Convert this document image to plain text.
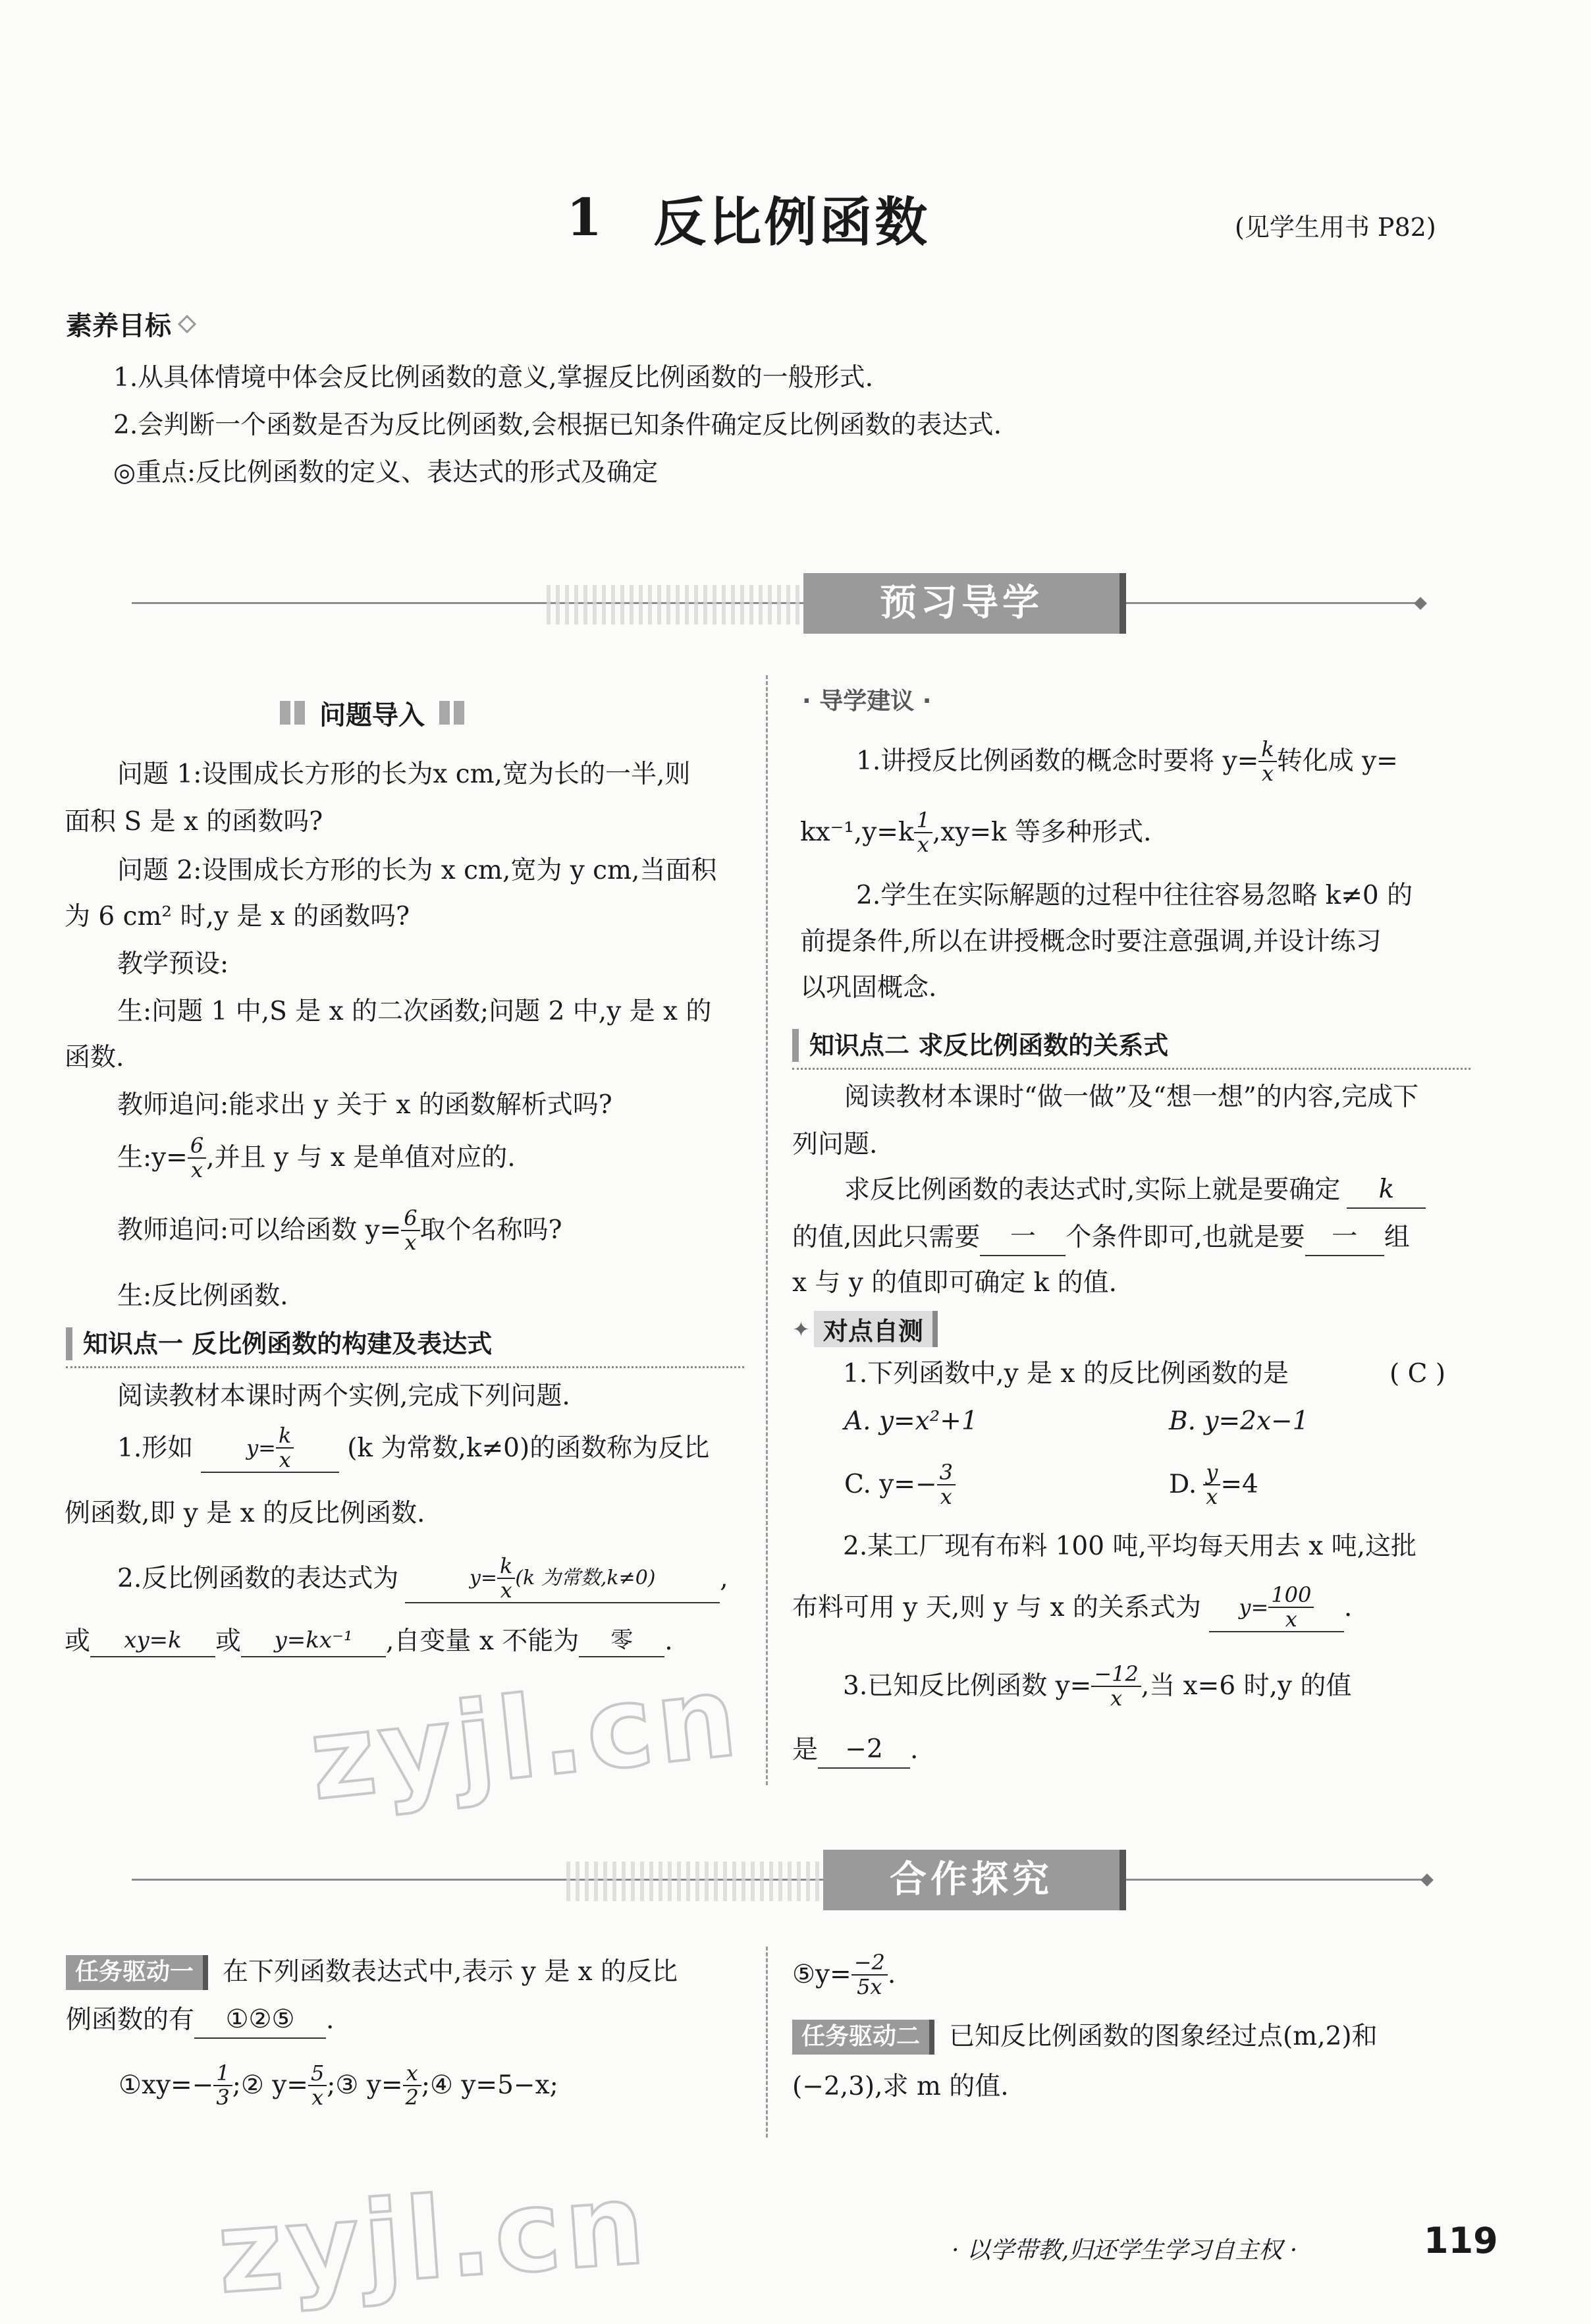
1 反比例函数	(见学生用书 P82)
素养目标
1.从具体情境中体会反比例函数的意义,掌握反比例函数的一般形式.
2.会判断一个函数是否为反比例函数,会根据已知条件确定反比例函数的表达式.
◎重点:反比例函数的定义、表达式的形式及确定
预习导学
问题导入
问题 1:设围成长方形的长为x cm,宽为长的一半,则
面积 S 是 x 的函数吗?
问题 2:设围成长方形的长为 x cm,宽为 y cm,当面积
为 6 cm² 时,y 是 x 的函数吗?
教学预设:
生:问题 1 中,S 是 x 的二次函数;问题 2 中,y 是 x 的
函数.
教师追问:能求出 y 关于 x 的函数解析式吗?
生:y= $\frac{6}{x}$ ,并且 y 与 x 是单值对应的.
教师追问:可以给函数 $y= \frac{6}{x}$ 取个名称吗?
生:反比例函数.
知识点一 反比例函数的构建及表达式
阅读教材本课时两个实例,完成下列问题.
1.形如	$y= \frac{k}{x} (k$ 为常数,k≠0)的函数称为反比
例函数,即 y 是 x 的反比例函数.
2.反比例函数的表达式为	$y= \frac{k}{x} (k$ 为常数,k≠0)	,
或	xy=k	或	y=kx⁻¹	,自变量 x 不能为	零	.
· 导学建议 ·
1.讲授反比例函数的概念时要将 $y= \frac{k}{x}$ 转化成 y=
$kx^{-1},y=k \frac{1}{x} ,xy=k$ 等多种形式.
2.学生在实际解题的过程中往往容易忽略 k≠0 的
前提条件,所以在讲授概念时要注意强调,并设计练习
以巩固概念.
知识点二 求反比例函数的关系式
阅读教材本课时“做一做”及“想一想”的内容,完成下
列问题.
求反比例函数的表达式时,实际上就是要确定	k
的值,因此只需要	一	个条件即可,也就是要	一	组
x 与 y 的值即可确定 k 的值.
✦ 对点自测
1.下列函数中,y 是 x 的反比例函数的是	( C )
A. y=x²+1	B. y=2x−1
C. $y=- \frac{3}{x}$	D. $\frac{y}{x} =4$
2.某工厂现有布料 100 吨,平均每天用去 x 吨,这批
布料可用 y 天,则 y 与 x 的关系式为 $y= \frac{100}{x}$ .
3.已知反比例函数 $y= \frac{-12}{x}$ ,当 x=6 时,y 的值
是	−2	.
zyjl.cn
合作探究
任务驱动一	在下列函数表达式中,表示 y 是 x 的反比
例函数的有	①②⑤	.
①xy=− $\frac{1}{3}$ ;② $y= \frac{5}{x}$ ;③ $y= \frac{x}{2}$ ;④ y=5−x;
⑤y= $\frac{-2}{5x}$ .
任务驱动二	已知反比例函数的图象经过点(m,2)和
(−2,3),求 m 的值.
zyjl.cn	· 以学带教,归还学生学习自主权 ·	119
